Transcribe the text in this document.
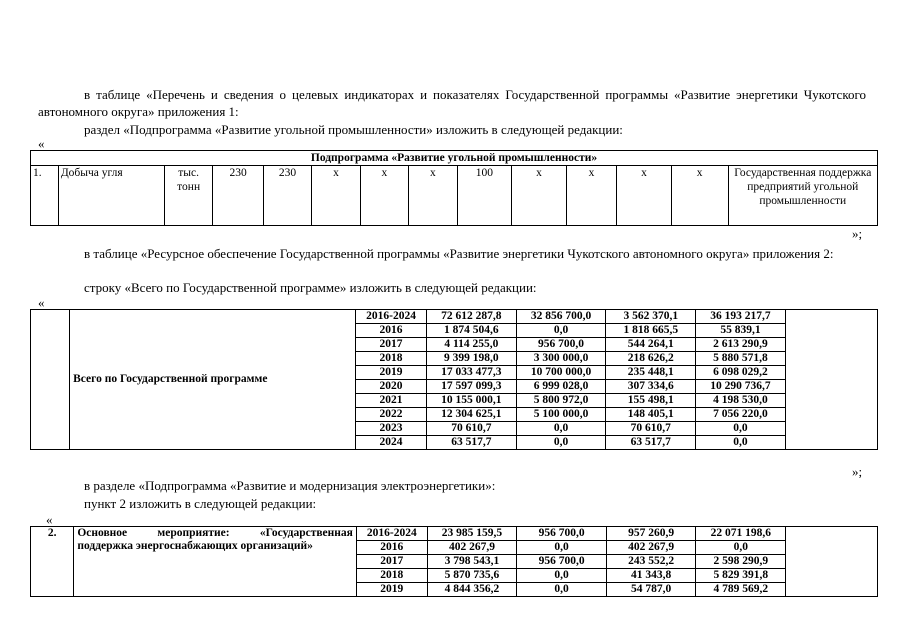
в таблице «Перечень и сведения о целевых индикаторах и показателях Государственной программы «Развитие энергетики Чукотского автономного округа» приложения 1:
раздел «Подпрограмма «Развитие угольной промышленности» изложить в следующей редакции:
«
Подпрограмма «Развитие угольной промышленности»
1.	Добыча угля	тыс. тонн	230	230	х	х	х	100	х	х	х	х	Государственная поддержка предприятий угольной промышленности
»;
в таблице «Ресурсное обеспечение Государственной программы «Развитие энергетики Чукотского автономного округа» приложения 2:
строку «Всего по Государственной программе» изложить в следующей редакции:
«
	Всего по Государственной программе	2016-2024	72 612 287,8	32 856 700,0	3 562 370,1	36 193 217,7	
		2016	1 874 504,6	0,0	1 818 665,5	55 839,1	
		2017	4 114 255,0	956 700,0	544 264,1	2 613 290,9	
		2018	9 399 198,0	3 300 000,0	218 626,2	5 880 571,8	
		2019	17 033 477,3	10 700 000,0	235 448,1	6 098 029,2	
		2020	17 597 099,3	6 999 028,0	307 334,6	10 290 736,7	
		2021	10 155 000,1	5 800 972,0	155 498,1	4 198 530,0	
		2022	12 304 625,1	5 100 000,0	148 405,1	7 056 220,0	
		2023	70 610,7	0,0	70 610,7	0,0	
		2024	63 517,7	0,0	63 517,7	0,0	
»;
в разделе «Подпрограмма «Развитие и модернизация электроэнергетики»:
пункт 2 изложить в следующей редакции:
«
2.	Основное мероприятие: «Государственная поддержка энергоснабжающих организаций»	2016-2024	23 985 159,5	956 700,0	957 260,9	22 071 198,6	
		2016	402 267,9	0,0	402 267,9	0,0	
		2017	3 798 543,1	956 700,0	243 552,2	2 598 290,9	
		2018	5 870 735,6	0,0	41 343,8	5 829 391,8	
		2019	4 844 356,2	0,0	54 787,0	4 789 569,2	
